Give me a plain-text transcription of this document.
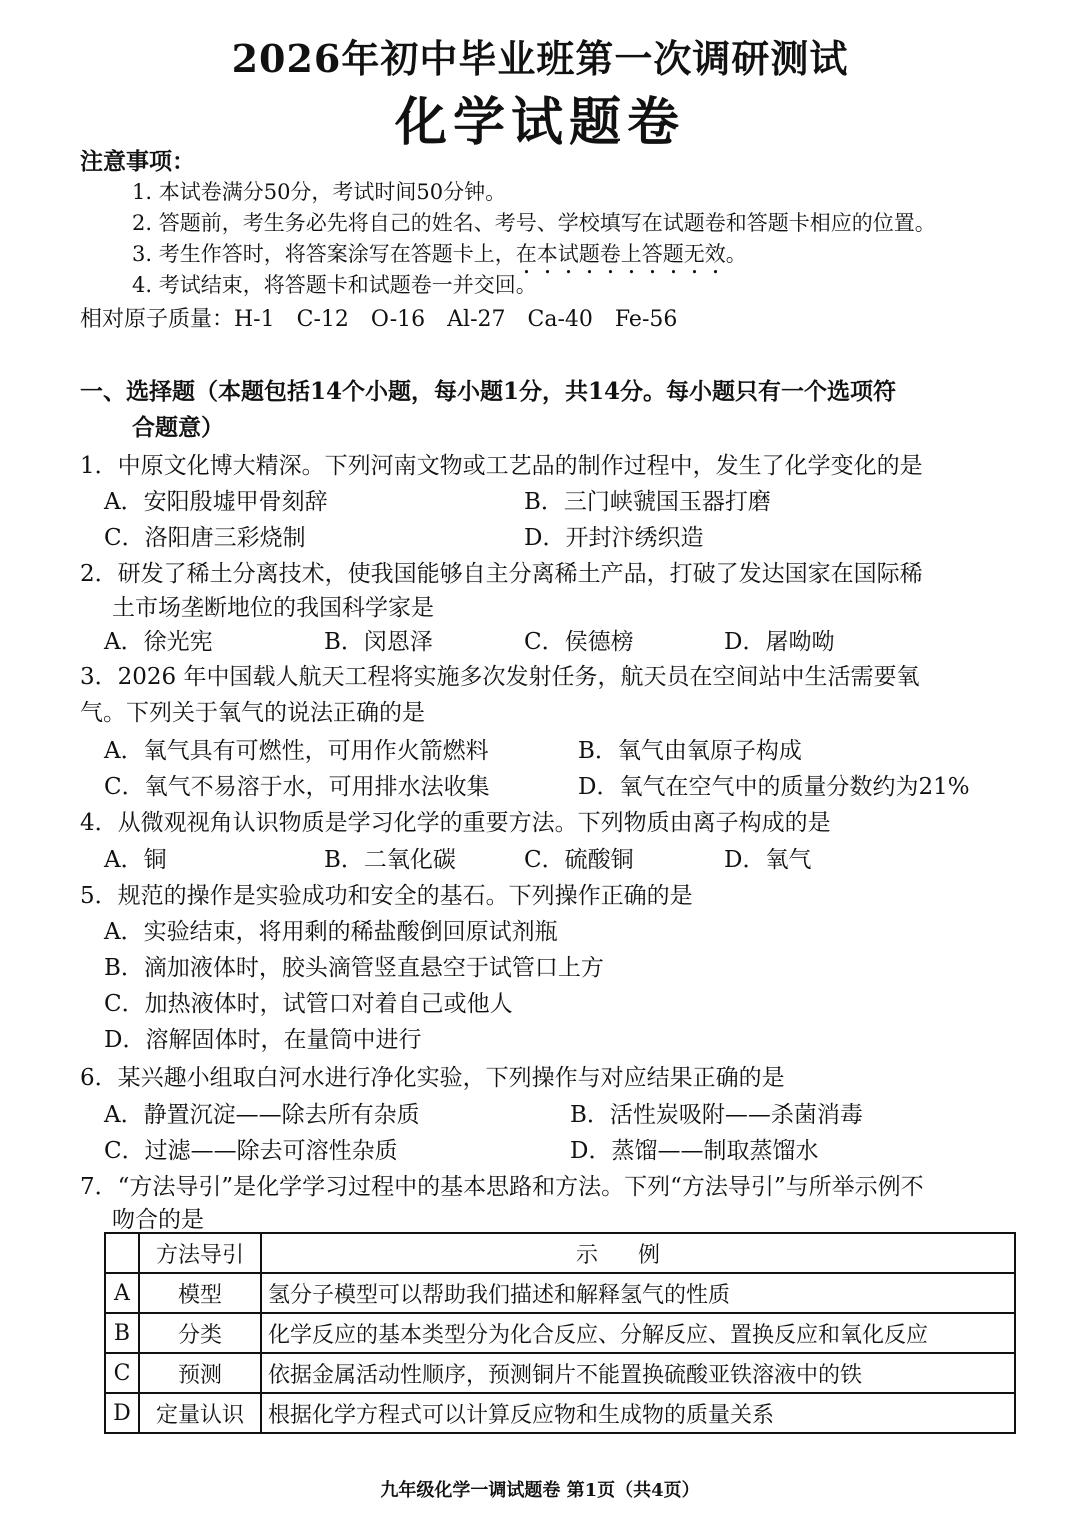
2026年初中毕业班第一次调研测试
化学试题卷
注意事项：
1. 本试卷满分50分，考试时间50分钟。
2. 答题前，考生务必先将自己的姓名、考号、学校填写在试题卷和答题卡相应的位置。
3. 考生作答时，将答案涂写在答题卡上，在本试题卷上答题无效。
4. 考试结束，将答题卡和试题卷一并交回。
相对原子质量：H-1　C-12　O-16　Al-27　Ca-40　Fe-56
一、选择题（本题包括14个小题，每小题1分，共14分。每小题只有一个选项符
合题意）
1．中原文化博大精深。下列河南文物或工艺品的制作过程中，发生了化学变化的是
A．安阳殷墟甲骨刻辞	B．三门峡虢国玉器打磨
C．洛阳唐三彩烧制	D．开封汴绣织造
2．研发了稀土分离技术，使我国能够自主分离稀土产品，打破了发达国家在国际稀
土市场垄断地位的我国科学家是
A．徐光宪	B．闵恩泽	C．侯德榜	D．屠呦呦
3．2026 年中国载人航天工程将实施多次发射任务，航天员在空间站中生活需要氧
气。下列关于氧气的说法正确的是
A．氧气具有可燃性，可用作火箭燃料	B．氧气由氧原子构成
C．氧气不易溶于水，可用排水法收集	D．氧气在空气中的质量分数约为21%
4．从微观视角认识物质是学习化学的重要方法。下列物质由离子构成的是
A．铜	B．二氧化碳	C．硫酸铜	D．氧气
5．规范的操作是实验成功和安全的基石。下列操作正确的是
A．实验结束，将用剩的稀盐酸倒回原试剂瓶
B．滴加液体时，胶头滴管竖直悬空于试管口上方
C．加热液体时，试管口对着自己或他人
D．溶解固体时，在量筒中进行
6．某兴趣小组取白河水进行净化实验，下列操作与对应结果正确的是
A．静置沉淀——除去所有杂质	B．活性炭吸附——杀菌消毒
C．过滤——除去可溶性杂质	D．蒸馏——制取蒸馏水
7．“方法导引”是化学学习过程中的基本思路和方法。下列“方法导引”与所举示例不
吻合的是
	方法导引	示例
A	模型	氢分子模型可以帮助我们描述和解释氢气的性质
B	分类	化学反应的基本类型分为化合反应、分解反应、置换反应和氧化反应
C	预测	依据金属活动性顺序，预测铜片不能置换硫酸亚铁溶液中的铁
D	定量认识	根据化学方程式可以计算反应物和生成物的质量关系
九年级化学一调试题卷 第1页（共4页）
